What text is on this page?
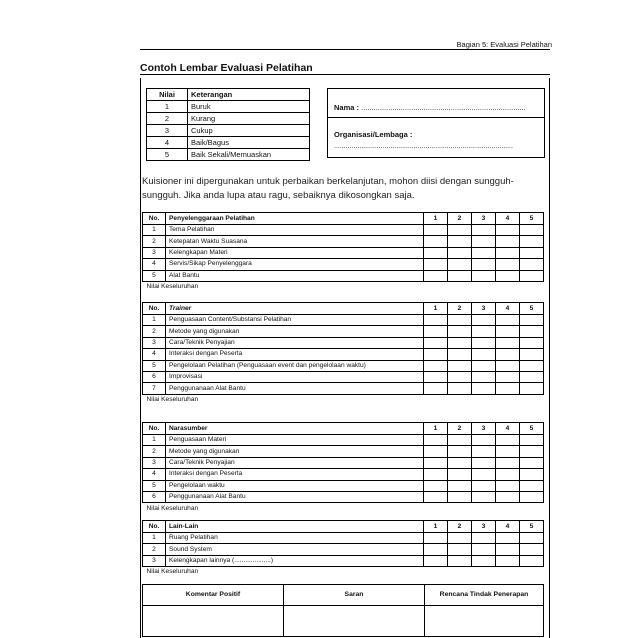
Bagian 5: Evaluasi Pelatihan
Contoh Lembar Evaluasi Pelatihan
Nilai	Keterangan
1	Buruk
2	Kurang
3	Cukup
4	Baik/Bagus
5	Baik Sekali/Memuaskan
Nama : ...............................................................................
Organisasi/Lembaga :
............................................................................................
Kuisioner ini dipergunakan untuk perbaikan berkelanjutan, mohon diisi dengan sungguh-sungguh. Jika anda lupa atau ragu, sebaiknya dikosongkan saja.
No.	Penyelenggaraan Pelatihan	1	2	3	4	5
1	Tema Pelatihan					
2	Ketepatan Waktu Suasana					
3	Kelengkapan Materi					
4	Servis/Sikap Penyelenggara					
5	Alat Bantu					
Nilai Keseluruhan						
No.	Trainer	1	2	3	4	5
1	Penguasaan Content/Substansi Pelatihan					
2	Metode yang digunakan					
3	Cara/Teknik Penyajian					
4	Interaksi dengan Peserta					
5	Pengelolaan Pelatihan (Penguasaan event dan pengelolaan waktu)					
6	Improvisasi					
7	Penggunanaan Alat Bantu					
Nilai Keseluruhan						
No.	Narasumber	1	2	3	4	5
1	Penguasaan Materi					
2	Metode yang digunakan					
3	Cara/Teknik Penyajian					
4	Interaksi dengan Peserta					
5	Pengelolaan waktu					
6	Penggunanaan Alat Bantu					
Nilai Keseluruhan						
No.	Lain-Lain	1	2	3	4	5
1	Ruang Pelatihan					
2	Sound System					
3	Kelengkapan lainnya (....................)					
Nilai Keseluruhan						
Komentar Positif	Saran	Rencana Tindak Penerapan
